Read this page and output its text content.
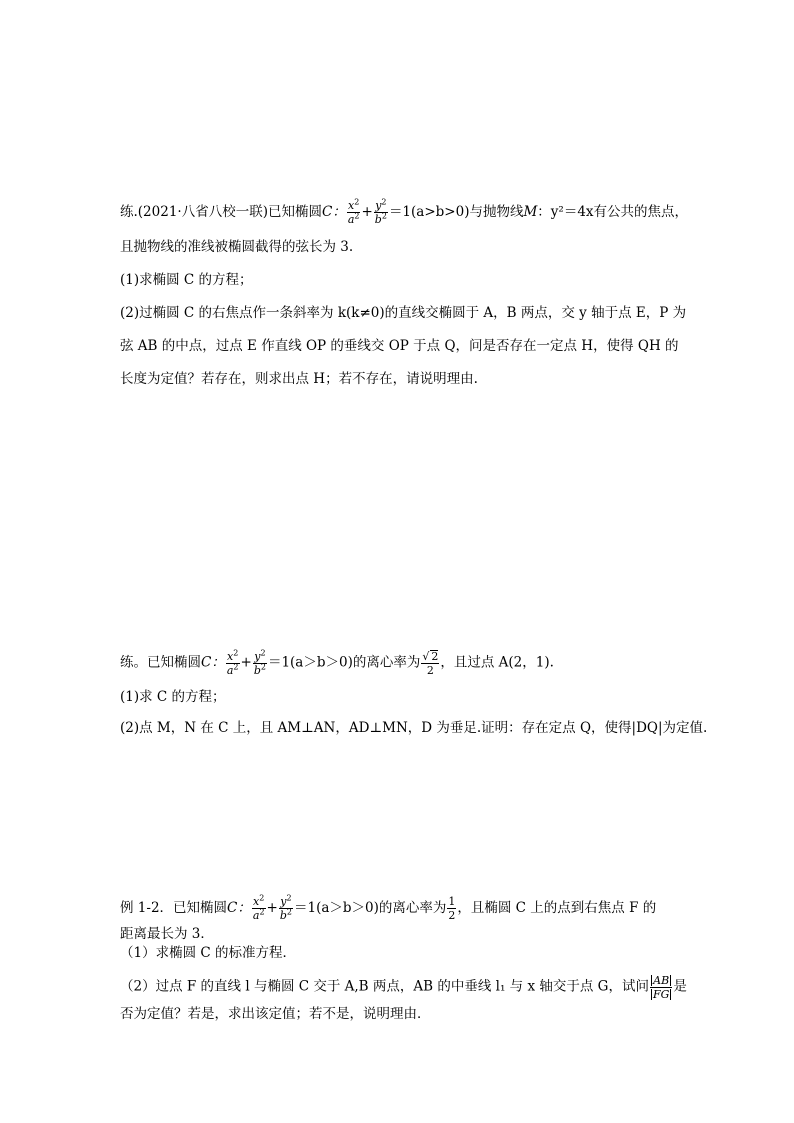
练.(2021·八省八校一联)已知椭圆C： $\frac{x^2}{a^2} + \frac{y^2}{b^2} =1(a>b>0)$与抛物线M：y²＝4x有公共的焦点，
且抛物线的准线被椭圆截得的弦长为 3.
(1)求椭圆 C 的方程；
(2)过椭圆 C 的右焦点作一条斜率为 k(k≠0)的直线交椭圆于 A，B 两点，交 y 轴于点 E，P 为
弦 AB 的中点，过点 E 作直线 OP 的垂线交 OP 于点 Q，问是否存在一定点 H，使得 QH 的
长度为定值？若存在，则求出点 H；若不存在，请说明理由.
练。已知椭圆C： $\frac{x^2}{a^2} + \frac{y^2}{b^2} =1(a>b>0)$的离心率为 $\frac{√ 2}{2}$ ，且过点 A(2，1).
(1)求 C 的方程；
(2)点 M，N 在 C 上，且 AM⊥AN，AD⊥MN，D 为垂足.证明：存在定点 Q，使得|DQ|为定值.
例 1-2．已知椭圆C： $\frac{x^2}{a^2} + \frac{y^2}{b^2} =1(a>b>0)$的离心率为 $\frac{1}{2}$ ，且椭圆 C 上的点到右焦点 F 的
距离最长为 3．
（1）求椭圆 C 的标准方程．
（2）过点 F 的直线 l 与椭圆 C 交于 A,B 两点，AB 的中垂线 l₁ 与 x 轴交于点 G，试问 $\frac{AB}{FG}$ 是
否为定值？若是，求出该定值；若不是，说明理由．
